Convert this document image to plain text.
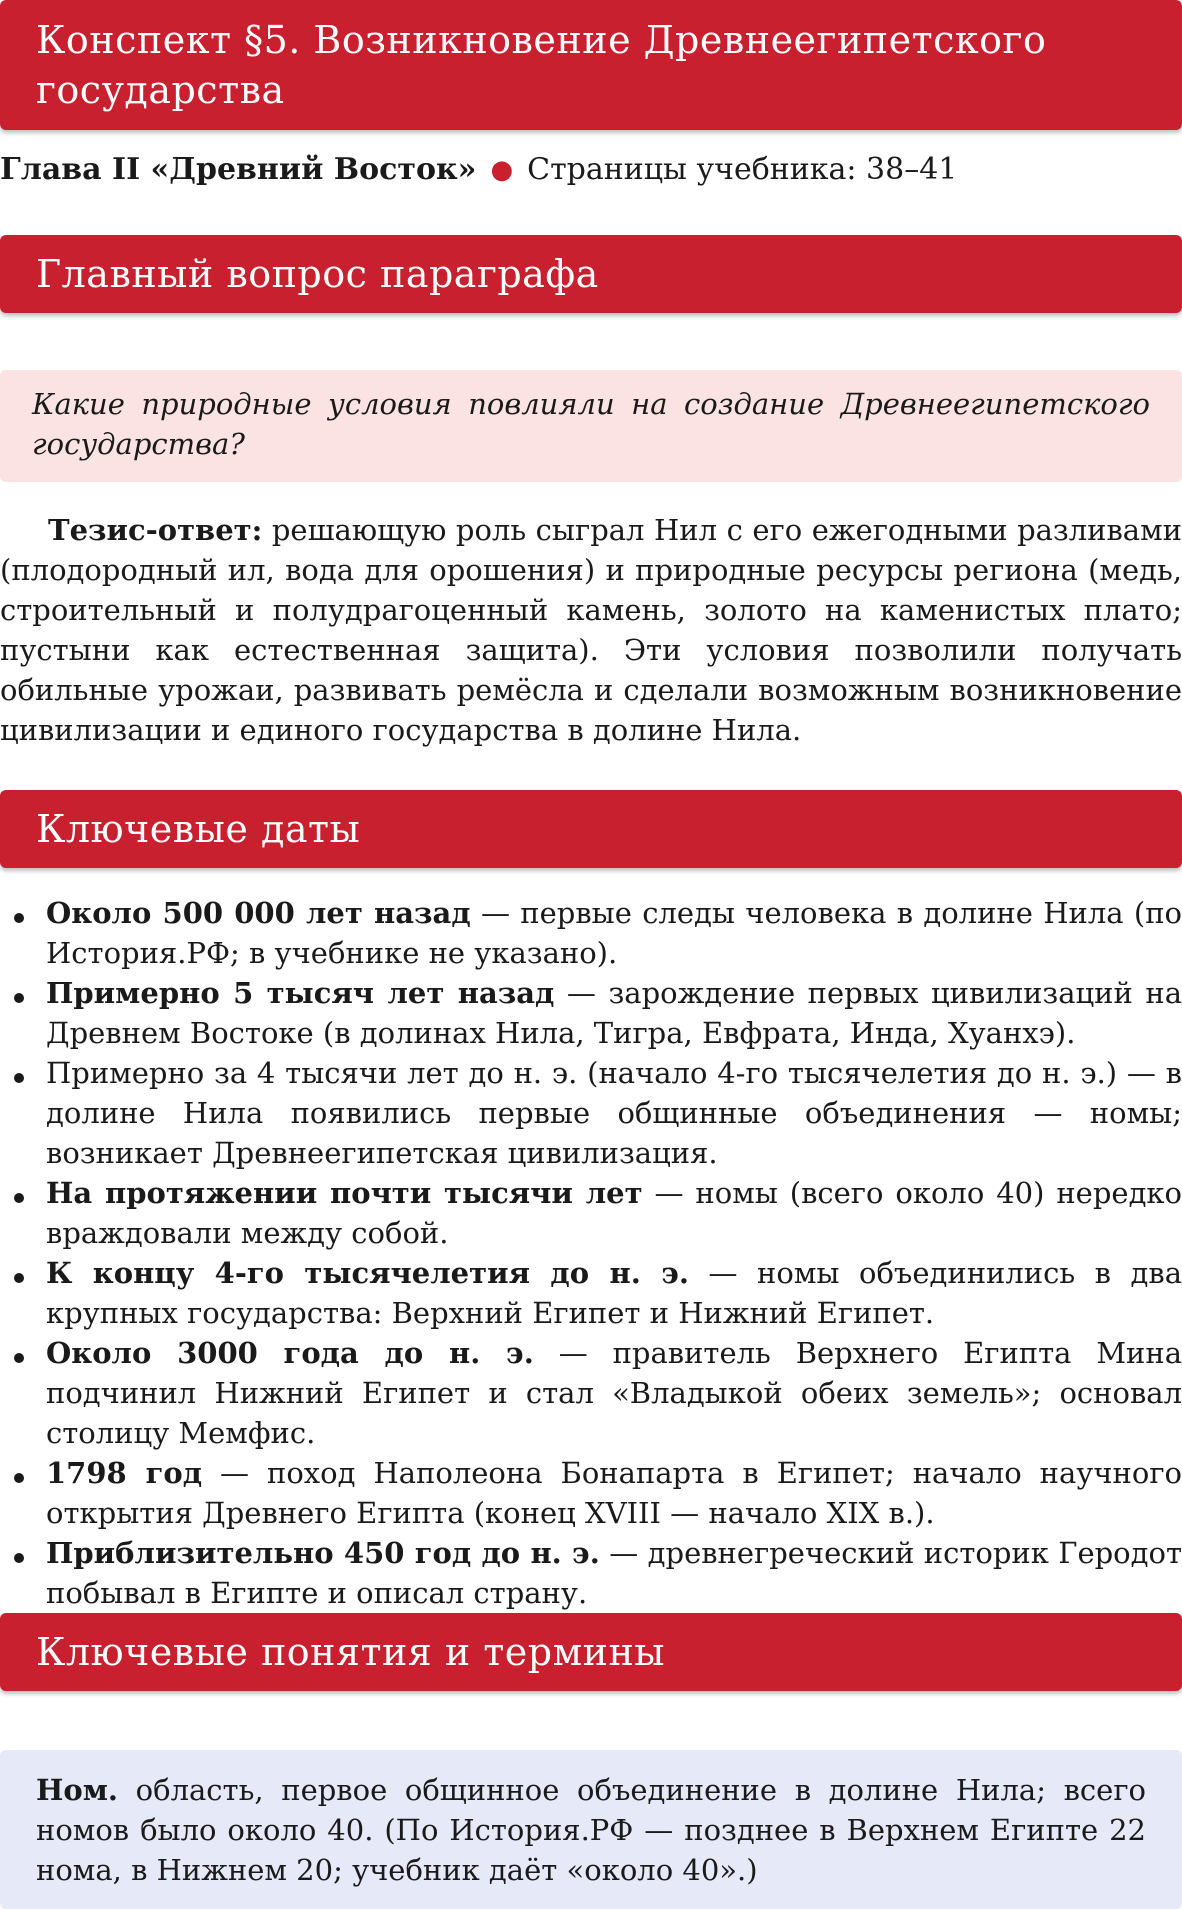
Конспект §5. Возникновение Древнеегипетского государства
Глава II «Древний Восток» ● Страницы учебника: 38–41
Главный вопрос параграфа
Какие природные условия повлияли на создание Древнеегипетского государства?

Тезис-ответ: решающую роль сыграл Нил с его ежегодными разливами (плодородный ил, вода для орошения) и природные ресурсы региона (медь, строительный и полудрагоценный камень, золото на каменистых плато; пустыни как естественная защита). Эти условия позволили получать обильные урожаи, развивать ремёсла и сделали возможным возникновение цивилизации и единого государства в долине Нила.

Ключевые даты
Около 500 000 лет назад — первые следы человека в долине Нила (по История.РФ; в учебнике не указано).
Примерно 5 тысяч лет назад — зарождение первых цивилизаций на Древнем Востоке (в долинах Нила, Тигра, Евфрата, Инда, Хуанхэ).
Примерно за 4 тысячи лет до н. э. (начало 4-го тысячелетия до н. э.) — в долине Нила появились первые общинные объединения — номы; возникает Древнеегипетская цивилизация.
На протяжении почти тысячи лет — номы (всего около 40) нередко враждовали между собой.
К концу 4-го тысячелетия до н. э. — номы объединились в два крупных государства: Верхний Египет и Нижний Египет.
Около 3000 года до н. э. — правитель Верхнего Египта Мина подчинил Нижний Египет и стал «Владыкой обеих земель»; основал столицу Мемфис.
1798 год — поход Наполеона Бонапарта в Египет; начало научного открытия Древнего Египта (конец XVIII — начало XIX в.).
Приблизительно 450 год до н. э. — древнегреческий историк Геродот побывал в Египте и описал страну.
Ключевые понятия и термины
Ном. область, первое общинное объединение в долине Нила; всего номов было около 40. (По История.РФ — позднее в Верхнем Египте 22 нома, в Нижнем 20; учебник даёт «около 40».)
